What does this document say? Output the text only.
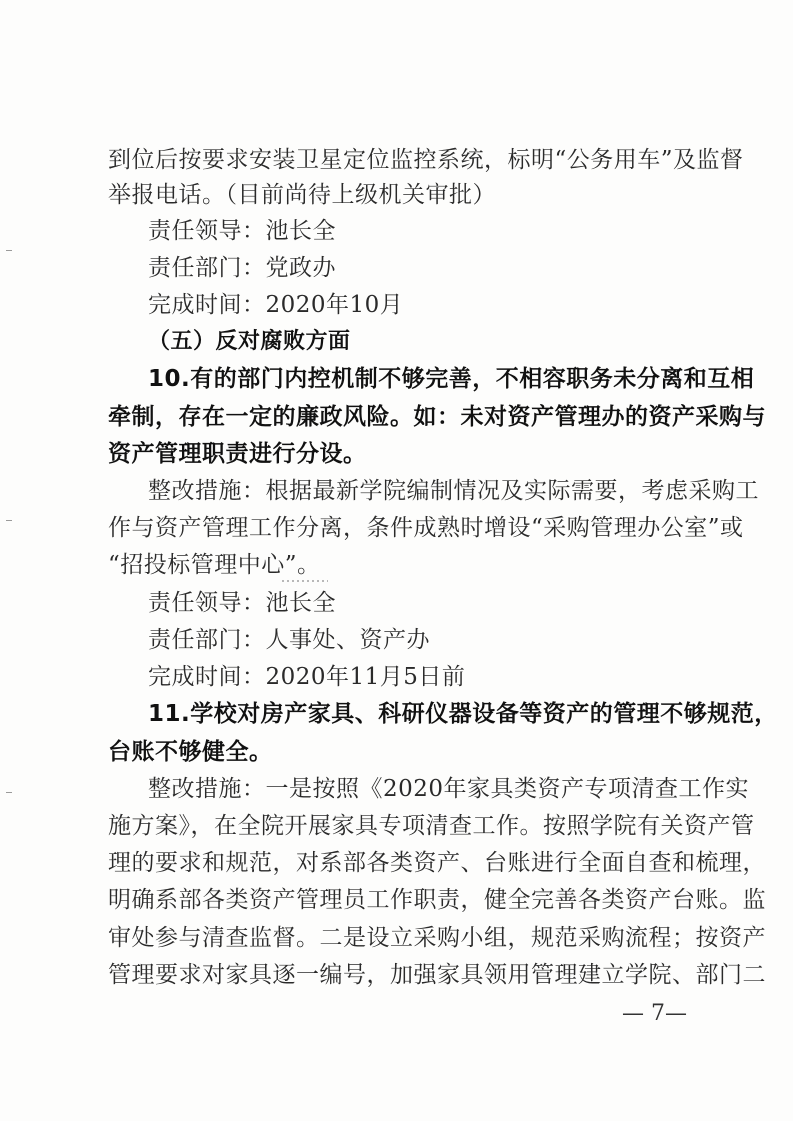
到位后按要求安装卫星定位监控系统，标明“公务用车”及监督
举报电话。（目前尚待上级机关审批）
责任领导：池长全
责任部门：党政办
完成时间：2020年10月
（五）反对腐败方面
10.有的部门内控机制不够完善，不相容职务未分离和互相
牵制，存在一定的廉政风险。如：未对资产管理办的资产采购与
资产管理职责进行分设。
整改措施：根据最新学院编制情况及实际需要，考虑采购工
作与资产管理工作分离，条件成熟时增设“采购管理办公室”或
“招投标管理中心”。
责任领导：池长全
责任部门：人事处、资产办
完成时间：2020年11月5日前
11.学校对房产家具、科研仪器设备等资产的管理不够规范，
台账不够健全。
整改措施：一是按照《2020年家具类资产专项清查工作实
施方案》，在全院开展家具专项清查工作。按照学院有关资产管
理的要求和规范，对系部各类资产、台账进行全面自查和梳理，
明确系部各类资产管理员工作职责，健全完善各类资产台账。监
审处参与清查监督。二是设立采购小组，规范采购流程；按资产
管理要求对家具逐一编号，加强家具领用管理建立学院、部门二
— 7—
